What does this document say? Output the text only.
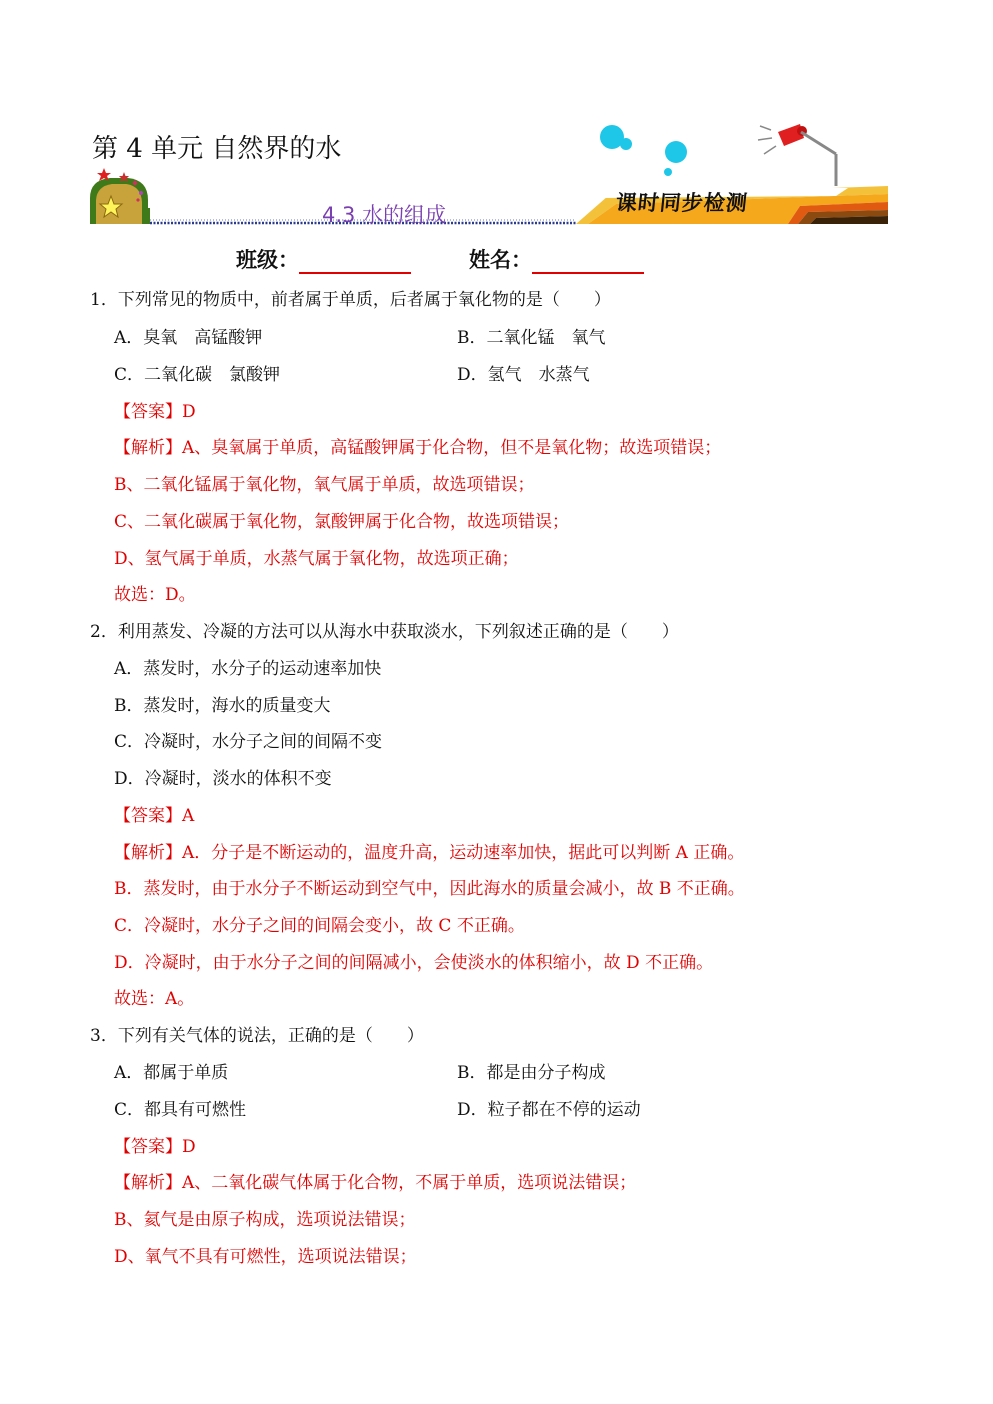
第 4 单元 自然界的水
4.3 水的组成	课时同步检测
班级：	姓名：
1．下列常见的物质中，前者属于单质，后者属于氧化物的是（　　）
A．臭氧　高锰酸钾	B．二氧化锰　氧气
C．二氧化碳　氯酸钾	D．氢气　水蒸气
【答案】D
【解析】A、臭氧属于单质，高锰酸钾属于化合物，但不是氧化物；故选项错误；
B、二氧化锰属于氧化物，氧气属于单质，故选项错误；
C、二氧化碳属于氧化物，氯酸钾属于化合物，故选项错误；
D、氢气属于单质，水蒸气属于氧化物，故选项正确；
故选：D。
2．利用蒸发、冷凝的方法可以从海水中获取淡水，下列叙述正确的是（　　）
A．蒸发时，水分子的运动速率加快
B．蒸发时，海水的质量变大
C．冷凝时，水分子之间的间隔不变
D．冷凝时，淡水的体积不变
【答案】A
【解析】A．分子是不断运动的，温度升高，运动速率加快，据此可以判断 A 正确。
B．蒸发时，由于水分子不断运动到空气中，因此海水的质量会减小，故 B 不正确。
C．冷凝时，水分子之间的间隔会变小，故 C 不正确。
D．冷凝时，由于水分子之间的间隔减小，会使淡水的体积缩小，故 D 不正确。
故选：A。
3．下列有关气体的说法，正确的是（　　）
A．都属于单质	B．都是由分子构成
C．都具有可燃性	D．粒子都在不停的运动
【答案】D
【解析】A、二氧化碳气体属于化合物，不属于单质，选项说法错误；
B、氦气是由原子构成，选项说法错误；
D、氧气不具有可燃性，选项说法错误；
